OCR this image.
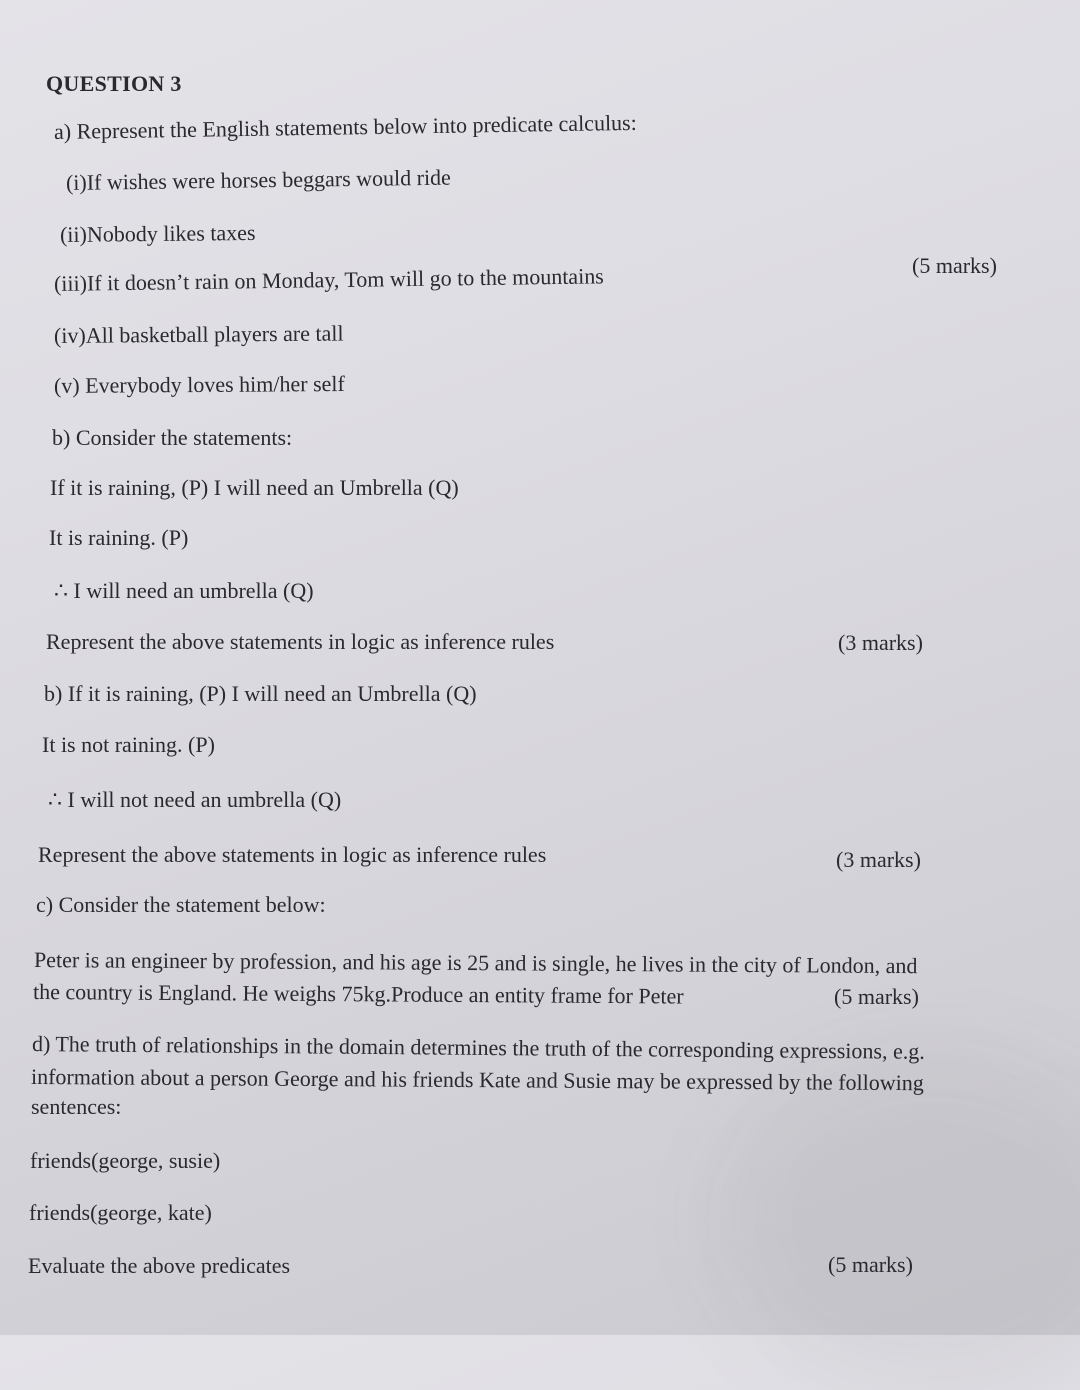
QUESTION 3
a) Represent the English statements below into predicate calculus:
(i)If wishes were horses beggars would ride
(ii)Nobody likes taxes
(iii)If it doesn’t rain on Monday, Tom will go to the mountains	(5 marks)
(iv)All basketball players are tall
(v) Everybody loves him/her self
b) Consider the statements:
If it is raining, (P) I will need an Umbrella (Q)
It is raining. (P)
∴ I will need an umbrella (Q)
Represent the above statements in logic as inference rules	(3 marks)
b) If it is raining, (P) I will need an Umbrella (Q)
It is not raining. (P)
∴ I will not need an umbrella (Q)
Represent the above statements in logic as inference rules	(3 marks)
c) Consider the statement below:
Peter is an engineer by profession, and his age is 25 and is single, he lives in the city of London, and
the country is England. He weighs 75kg.Produce an entity frame for Peter	(5 marks)
d) The truth of relationships in the domain determines the truth of the corresponding expressions, e.g.
information about a person George and his friends Kate and Susie may be expressed by the following
sentences:
friends(george, susie)
friends(george, kate)
Evaluate the above predicates	(5 marks)
